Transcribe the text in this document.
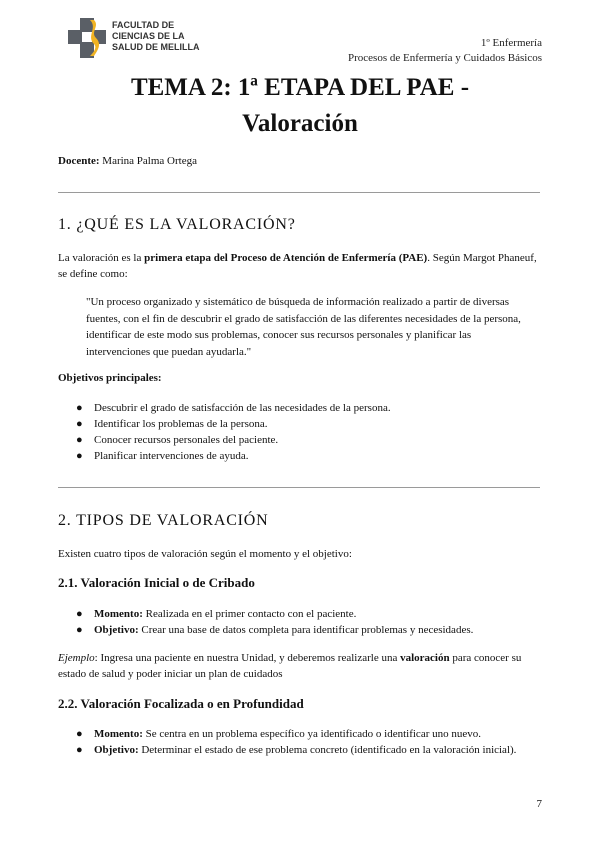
FACULTAD DE
CIENCIAS DE LA
SALUD DE MELILLA	1º Enfermería
Procesos de Enfermería y Cuidados Básicos
TEMA 2: 1ª ETAPA DEL PAE -
Valoración
Docente: Marina Palma Ortega
1. ¿QUÉ ES LA VALORACIÓN?
La valoración es la primera etapa del Proceso de Atención de Enfermería (PAE). Según Margot Phaneuf, se define como:
"Un proceso organizado y sistemático de búsqueda de información realizado a partir de diversas fuentes, con el fin de descubrir el grado de satisfacción de las diferentes necesidades de la persona, identificar de este modo sus problemas, conocer sus recursos personales y planificar las intervenciones que puedan ayudarla."
Objetivos principales:
● Descubrir el grado de satisfacción de las necesidades de la persona.
● Identificar los problemas de la persona.
● Conocer recursos personales del paciente.
● Planificar intervenciones de ayuda.
2. TIPOS DE VALORACIÓN
Existen cuatro tipos de valoración según el momento y el objetivo:
2.1. Valoración Inicial o de Cribado
● Momento: Realizada en el primer contacto con el paciente.
● Objetivo: Crear una base de datos completa para identificar problemas y necesidades.
Ejemplo: Ingresa una paciente en nuestra Unidad, y deberemos realizarle una valoración para conocer su estado de salud y poder iniciar un plan de cuidados
2.2. Valoración Focalizada o en Profundidad
● Momento: Se centra en un problema específico ya identificado o identificar uno nuevo.
● Objetivo: Determinar el estado de ese problema concreto (identificado en la valoración inicial).
7
